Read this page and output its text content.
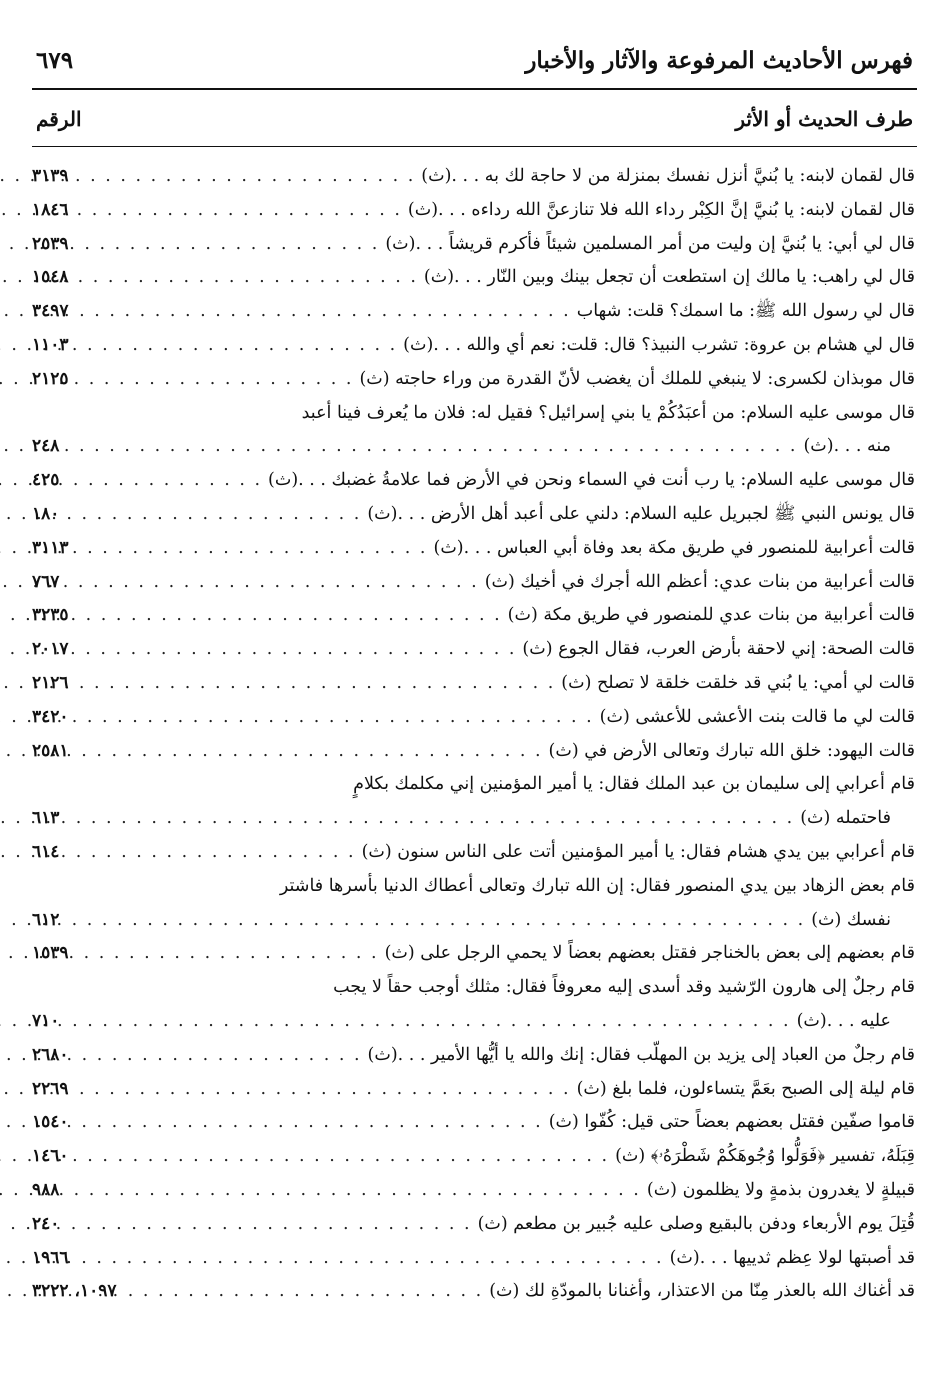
فهرس الأحاديث المرفوعة والآثار والأخبار
٦٧٩
طرف الحديث أو الأثر
الرقم
قال لقمان لابنه: يا بُنيَّ أنزل نفسك بمنزلة من لا حاجة لك به . . .(ث)
. . .
٣١٣٩
قال لقمان لابنه: يا بُنيَّ إنَّ الكِبْر رداء الله فلا تنازعنَّ الله رداءه . . .(ث)
. . .
١٨٤٦
قال لي أبي: يا بُنيَّ إن وليت من أمر المسلمين شيئاً فأكرم قريشاً . . .(ث)
. . .
٢٥٣٩
قال لي راهب: يا مالك إن استطعت أن تجعل بينك وبين النّار . . .(ث)
. . .
١٥٤٨
قال لي رسول الله ﷺ: ما اسمك؟ قلت: شهاب
. . .
٣٤٩٧
قال لي هشام بن عروة: تشرب النبيذ؟ قال: قلت: نعم أي والله . . .(ث)
. . .
١١٠٣
قال موبذان لكسرى: لا ينبغي للملك أن يغضب لأنّ القدرة من وراء حاجته (ث)
. . .
٢١٢٥
قال موسى عليه السلام: من أعبَدُكُمْ يا بني إسرائيل؟ فقيل له: فلان ما يُعرف فينا أعبد
منه . . .(ث)
. . .
٢٤٨
قال موسى عليه السلام: يا رب أنت في السماء ونحن في الأرض فما علامةُ غضبك . . .(ث)
. . .
٤٢٥
قال يونس النبي ﷺ لجبريل عليه السلام: دلني على أعبد أهل الأرض . . .(ث)
. . .
١٨٠
قالت أعرابية للمنصور في طريق مكة بعد وفاة أبي العباس . . .(ث)
. . .
٣١١٣
قالت أعرابية من بنات عدي: أعظم الله أجرك في أخيك (ث)
. . .
٧٦٧
قالت أعرابية من بنات عدي للمنصور في طريق مكة (ث)
. . .
٣٢٣٥
قالت الصحة: إني لاحقة بأرض العرب، فقال الجوع (ث)
. . .
٢٠١٧
قالت لي أمي: يا بُني قد خلقت خلقة لا تصلح (ث)
. . .
٢١٢٦
قالت لي ما قالت بنت الأعشى للأعشى (ث)
. . .
٣٤٢٠
قالت اليهود: خلق الله تبارك وتعالى الأرض في (ث)
. . .
٢٥٨١
قام أعرابي إلى سليمان بن عبد الملك فقال: يا أمير المؤمنين إني مكلمك بكلامٍ
فاحتمله (ث)
. . .
٦١٣
قام أعرابي بين يدي هشام فقال: يا أمير المؤمنين أتت على الناس سنون (ث)
. . .
٦١٤
قام بعض الزهاد بين يدي المنصور فقال: إن الله تبارك وتعالى أعطاك الدنيا بأسرها فاشتر
نفسك (ث)
. . .
٦١٢
قام بعضهم إلى بعض بالخناجر فقتل بعضهم بعضاً لا يحمي الرجل على (ث)
. . .
١٥٣٩
قام رجلٌ إلى هارون الرّشيد وقد أسدى إليه معروفاً فقال: مثلك أوجب حقاً لا يجب
عليه . . .(ث)
. . .
٧١٠
قام رجلٌ من العباد إلى يزيد بن المهلّب فقال: إنك والله يا أيُّها الأمير . . .(ث)
. . .
٢٦٨٠
قام ليلة إلى الصبح بعَمَّ يتساءلون، فلما بلغ (ث)
. . .
٢٢٦٩
قاموا صفّين فقتل بعضهم بعضاً حتى قيل: كُفّوا (ث)
. . .
١٥٤٠
قِبَلَهُ، تفسير ﴿فَوَلُّوا وُجُوهَكُمْ شَطْرَهُۥ﴾ (ث)
. . .
١٤٦٠
قبيلةٍ لا يغدرون بذمةٍ ولا يظلمون (ث)
. . .
٩٨٨
قُتِلَ يوم الأربعاء ودفن بالبقيع وصلى عليه جُبير بن مطعم (ث)
. . .
٢٤٠
قد أصبتها لولا عِظم ثدييها . . .(ث)
. . .
١٩٦٦
قد أغناك الله بالعذر مِنّا من الاعتذار، وأغنانا بالمودّةِ لك (ث)
. . .
١٠٩٧، ٣٢٢٢
